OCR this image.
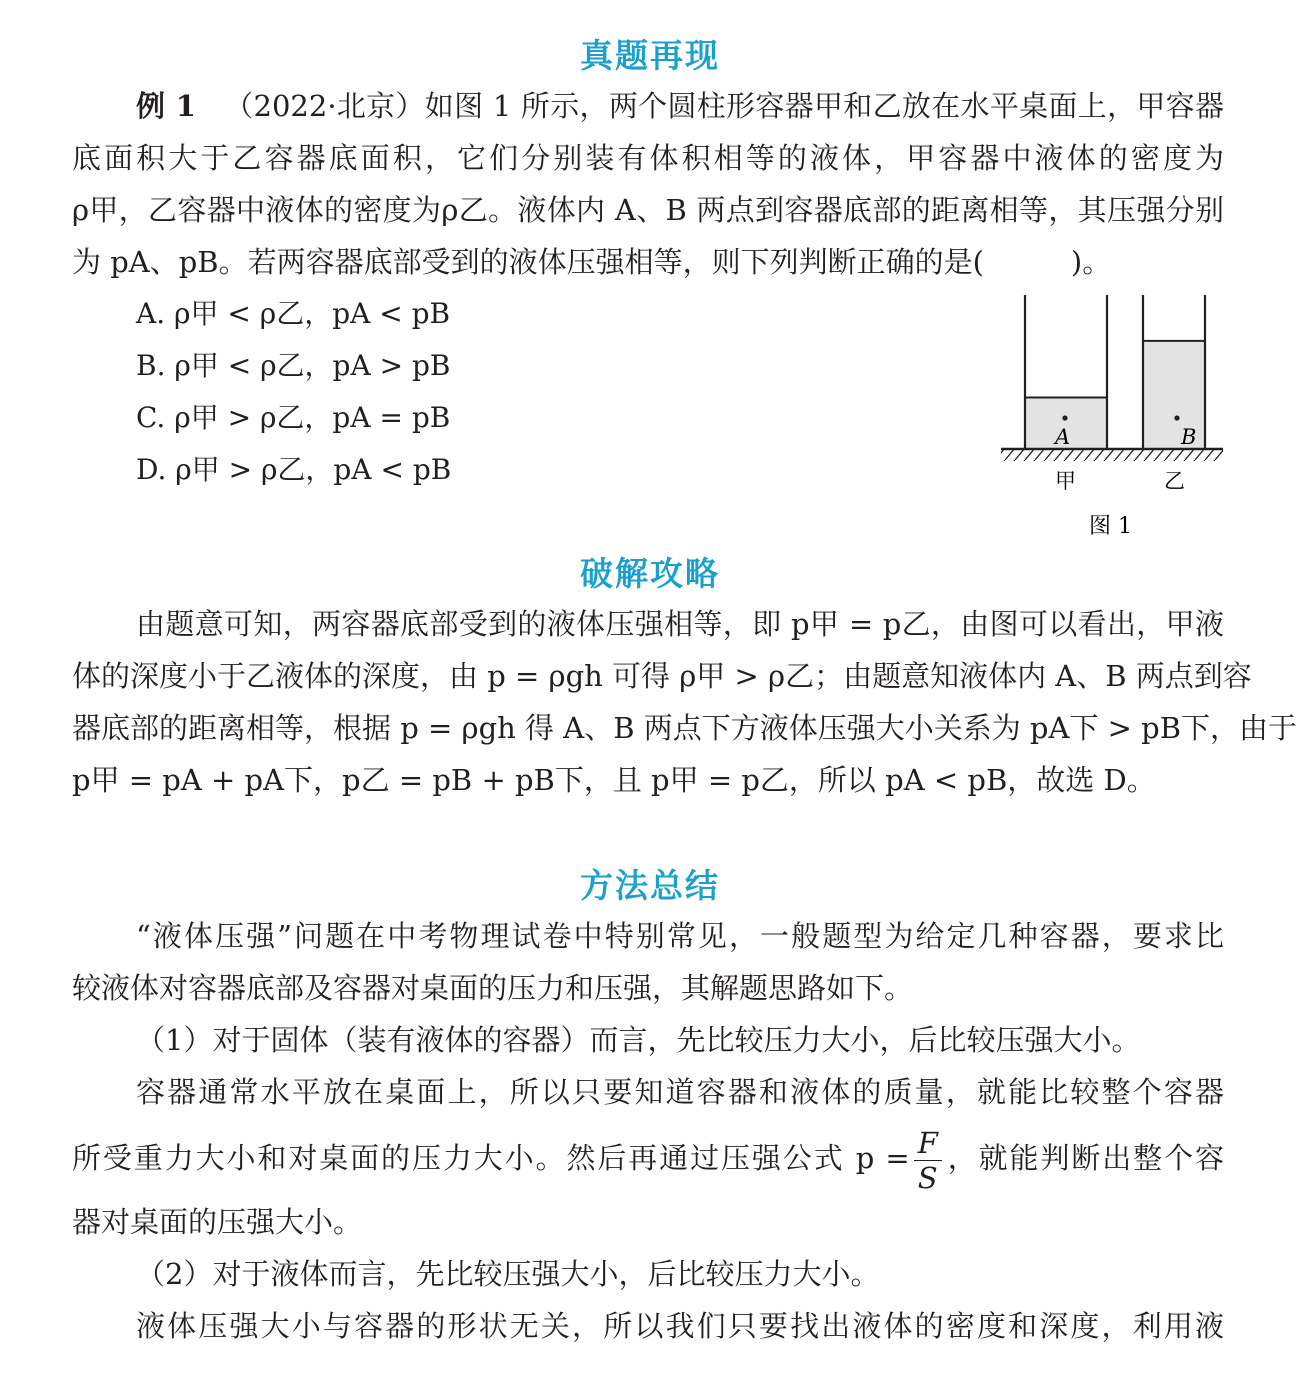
真题再现
例 1 （2022·北京）如图 1 所示，两个圆柱形容器甲和乙放在水平桌面上，甲容器
底面积大于乙容器底面积，它们分别装有体积相等的液体，甲容器中液体的密度为
ρ甲，乙容器中液体的密度为ρ乙。液体内 A、B 两点到容器底部的距离相等，其压强分别
为 pA、pB。若两容器底部受到的液体压强相等，则下列判断正确的是(　　　)。
A. ρ甲 < ρ乙，pA < pB
B. ρ甲 < ρ乙，pA > pB
C. ρ甲 > ρ乙，pA = pB
D. ρ甲 > ρ乙，pA < pB
A	B
甲	乙
图 1
破解攻略
由题意可知，两容器底部受到的液体压强相等，即 p甲 = p乙，由图可以看出，甲液
体的深度小于乙液体的深度，由 p = ρgh 可得 ρ甲 > ρ乙；由题意知液体内 A、B 两点到容
器底部的距离相等，根据 p = ρgh 得 A、B 两点下方液体压强大小关系为 pA下 > pB下，由于
p甲 = pA + pA下，p乙 = pB + pB下，且 p甲 = p乙，所以 pA < pB，故选 D。
方法总结
“液体压强”问题在中考物理试卷中特别常见，一般题型为给定几种容器，要求比
较液体对容器底部及容器对桌面的压力和压强，其解题思路如下。
（1）对于固体（装有液体的容器）而言，先比较压力大小，后比较压强大小。
容器通常水平放在桌面上，所以只要知道容器和液体的质量，就能比较整个容器
所受重力大小和对桌面的压力大小。然后再通过压强公式 $p = \frac{F}{S}$ ，就能判断出整个容
器对桌面的压强大小。
（2）对于液体而言，先比较压强大小，后比较压力大小。
液体压强大小与容器的形状无关，所以我们只要找出液体的密度和深度，利用液
